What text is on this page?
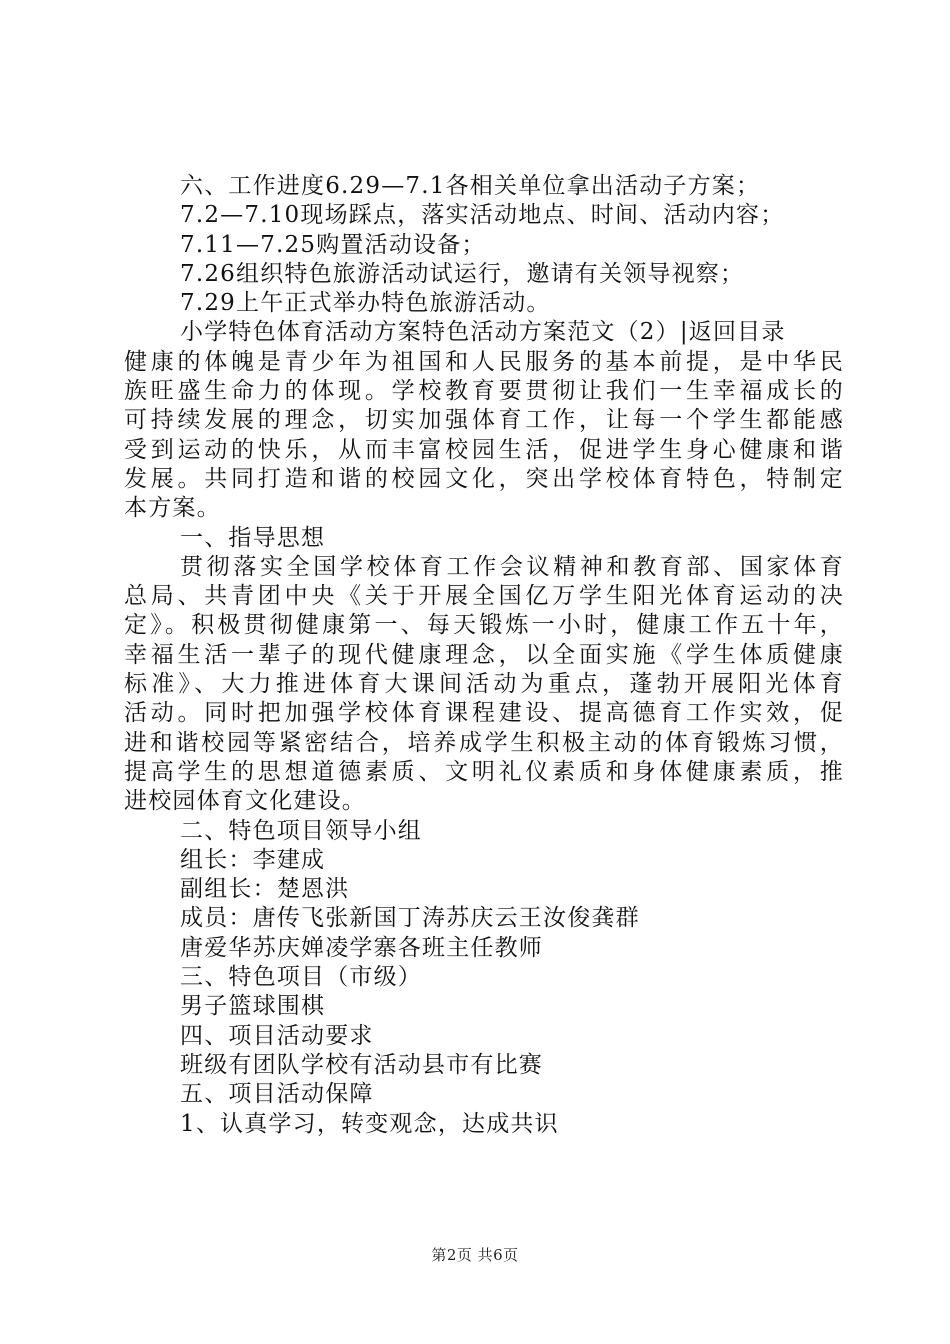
六、工作进度6.29—7.1各相关单位拿出活动子方案；
7.2—7.10现场踩点，落实活动地点、时间、活动内容；
7.11—7.25购置活动设备；
7.26组织特色旅游活动试运行，邀请有关领导视察；
7.29上午正式举办特色旅游活动。
小学特色体育活动方案特色活动方案范文（2）|返回目录
健康的体魄是青少年为祖国和人民服务的基本前提，是中华民
族旺盛生命力的体现。学校教育要贯彻让我们一生幸福成长的
可持续发展的理念，切实加强体育工作，让每一个学生都能感
受到运动的快乐，从而丰富校园生活，促进学生身心健康和谐
发展。共同打造和谐的校园文化，突出学校体育特色，特制定
本方案。
一、指导思想
贯彻落实全国学校体育工作会议精神和教育部、国家体育
总局、共青团中央《关于开展全国亿万学生阳光体育运动的决
定》。积极贯彻健康第一、每天锻炼一小时，健康工作五十年，
幸福生活一辈子的现代健康理念，以全面实施《学生体质健康
标准》、大力推进体育大课间活动为重点，蓬勃开展阳光体育
活动。同时把加强学校体育课程建设、提高德育工作实效，促
进和谐校园等紧密结合，培养成学生积极主动的体育锻炼习惯，
提高学生的思想道德素质、文明礼仪素质和身体健康素质，推
进校园体育文化建设。
二、特色项目领导小组
组长：李建成
副组长：楚恩洪
成员：唐传飞张新国丁涛苏庆云王汝俊龚群
唐爱华苏庆婵凌学寨各班主任教师
三、特色项目（市级）
男子篮球围棋
四、项目活动要求
班级有团队学校有活动县市有比赛
五、项目活动保障
1、认真学习，转变观念，达成共识
第2页 共6页
